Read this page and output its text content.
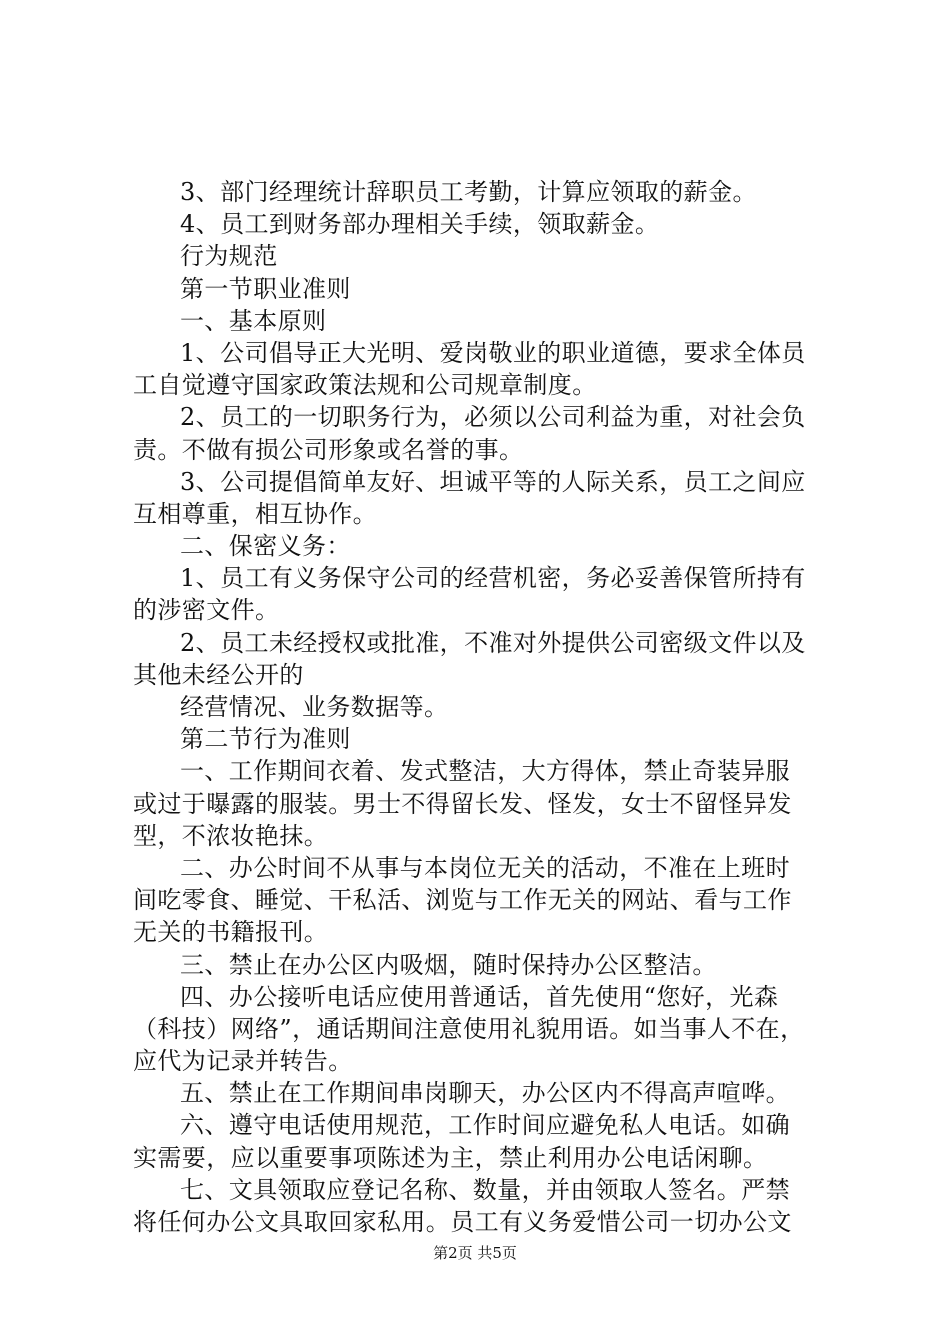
3、部门经理统计辞职员工考勤，计算应领取的薪金。
4、员工到财务部办理相关手续，领取薪金。
行为规范
第一节职业准则
一、基本原则
1、公司倡导正大光明、爱岗敬业的职业道德，要求全体员
工自觉遵守国家政策法规和公司规章制度。
2、员工的一切职务行为，必须以公司利益为重，对社会负
责。不做有损公司形象或名誉的事。
3、公司提倡简单友好、坦诚平等的人际关系，员工之间应
互相尊重，相互协作。
二、保密义务：
1、员工有义务保守公司的经营机密，务必妥善保管所持有
的涉密文件。
2、员工未经授权或批准，不准对外提供公司密级文件以及
其他未经公开的
经营情况、业务数据等。
第二节行为准则
一、工作期间衣着、发式整洁，大方得体，禁止奇装异服
或过于曝露的服装。男士不得留长发、怪发，女士不留怪异发
型，不浓妆艳抹。
二、办公时间不从事与本岗位无关的活动，不准在上班时
间吃零食、睡觉、干私活、浏览与工作无关的网站、看与工作
无关的书籍报刊。
三、禁止在办公区内吸烟，随时保持办公区整洁。
四、办公接听电话应使用普通话，首先使用“您好，光森
（科技）网络”，通话期间注意使用礼貌用语。如当事人不在，
应代为记录并转告。
五、禁止在工作期间串岗聊天，办公区内不得高声喧哗。
六、遵守电话使用规范，工作时间应避免私人电话。如确
实需要，应以重要事项陈述为主，禁止利用办公电话闲聊。
七、文具领取应登记名称、数量，并由领取人签名。严禁
将任何办公文具取回家私用。员工有义务爱惜公司一切办公文
第2页 共5页
